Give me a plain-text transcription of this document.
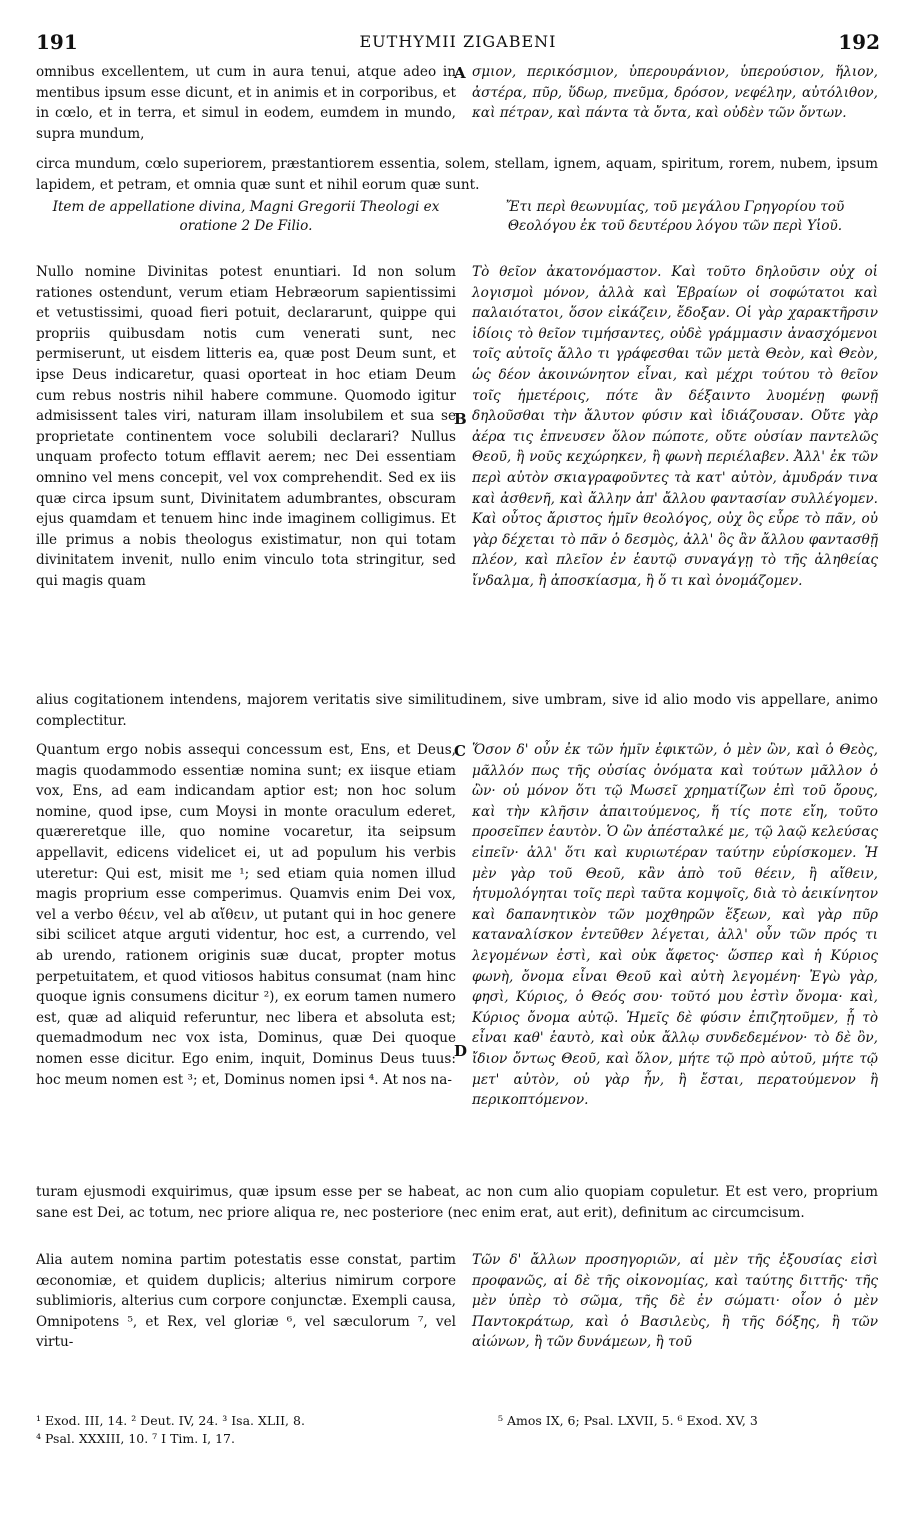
191	EUTHYMII ZIGABENI	192
omnibus excellentem, ut cum in aura tenui, atque adeo in mentibus ipsum esse dicunt, et in animis et in corporibus, et in cœlo, et in terra, et simul in eodem, eumdem in mundo, supra mundum,
σμιον, περικόσμιον, ὑπερουράνιον, ὑπερούσιον, ἥλιον, ἀστέρα, πῦρ, ὕδωρ, πνεῦμα, δρόσον, νεφέλην, αὐτόλιθον, καὶ πέτραν, καὶ πάντα τὰ ὄντα, καὶ οὐδὲν τῶν ὄντων.
A
circa mundum, cœlo superiorem, præstantiorem essentia, solem, stellam, ignem, aquam, spiritum, rorem, nubem, ipsum lapidem, et petram, et omnia quæ sunt et nihil eorum quæ sunt.
Item de appellatione divina, Magni Gregorii Theologi ex oratione 2 De Filio.
Ἔτι περὶ θεωνυμίας, τοῦ μεγάλου Γρηγορίου τοῦ Θεολόγου ἐκ τοῦ δευτέρου λόγου τῶν περὶ Υἱοῦ.
Nullo nomine Divinitas potest enuntiari. Id non solum rationes ostendunt, verum etiam Hebræorum sapientissimi et vetustissimi, quoad fieri potuit, declararunt, quippe qui propriis quibusdam notis cum venerati sunt, nec permiserunt, ut eisdem litteris ea, quæ post Deum sunt, et ipse Deus indicaretur, quasi oporteat in hoc etiam Deum cum rebus nostris nihil habere commune. Quomodo igitur admisissent tales viri, naturam illam insolubilem et sua se proprietate continentem voce solubili declarari? Nullus unquam profecto totum efflavit aerem; nec Dei essentiam omnino vel mens concepit, vel vox comprehendit. Sed ex iis quæ circa ipsum sunt, Divinitatem adumbrantes, obscuram ejus quamdam et tenuem hinc inde imaginem colligimus. Et ille primus a nobis theologus existimatur, non qui totam divinitatem invenit, nullo enim vinculo tota stringitur, sed qui magis quam
Τὸ θεῖον ἀκατονόμαστον. Καὶ τοῦτο δηλοῦσιν οὐχ οἱ λογισμοὶ μόνον, ἀλλὰ καὶ Ἑβραίων οἱ σοφώτατοι καὶ παλαιότατοι, ὅσον εἰκάζειν, ἔδοξαν. Οἱ γὰρ χαρακτῆρσιν ἰδίοις τὸ θεῖον τιμήσαντες, οὐδὲ γράμμασιν ἀνασχόμενοι τοῖς αὐτοῖς ἄλλο τι γράφεσθαι τῶν μετὰ Θεὸν, καὶ Θεὸν, ὡς δέον ἀκοινώνητον εἶναι, καὶ μέχρι τούτου τὸ θεῖον τοῖς ἡμετέροις, πότε ἂν δέξαιντο λυομένῃ φωνῇ δηλοῦσθαι τὴν ἄλυτον φύσιν καὶ ἰδιάζουσαν. Οὔτε γὰρ ἀέρα τις ἐπνευσεν ὅλον πώποτε, οὔτε οὐσίαν παντελῶς Θεοῦ, ἢ νοῦς κεχώρηκεν, ἢ φωνὴ περιέλαβεν. Ἀλλ' ἐκ τῶν περὶ αὐτὸν σκιαγραφοῦντες τὰ κατ' αὐτὸν, ἀμυδράν τινα καὶ ἀσθενῆ, καὶ ἄλλην ἀπ' ἄλλου φαντασίαν συλλέγομεν. Καὶ οὗτος ἄριστος ἡμῖν θεολόγος, οὐχ ὃς εὗρε τὸ πᾶν, οὐ γὰρ δέχεται τὸ πᾶν ὁ δεσμὸς, ἀλλ' ὃς ἂν ἄλλου φαντασθῇ πλέον, καὶ πλεῖον ἐν ἑαυτῷ συναγάγῃ τὸ τῆς ἀληθείας ἴνδαλμα, ἢ ἀποσκίασμα, ἢ ὅ τι καὶ ὀνομάζομεν.
B
alius cogitationem intendens, majorem veritatis sive similitudinem, sive umbram, sive id alio modo vis appellare, animo complectitur.
Quantum ergo nobis assequi concessum est, Ens, et Deus, magis quodammodo essentiæ nomina sunt; ex iisque etiam vox, Ens, ad eam indicandam aptior est; non hoc solum nomine, quod ipse, cum Moysi in monte oraculum ederet, quæreretque ille, quo nomine vocaretur, ita seipsum appellavit, edicens videlicet ei, ut ad populum his verbis uteretur: Qui est, misit me ¹; sed etiam quia nomen illud magis proprium esse comperimus. Quamvis enim Dei vox, vel a verbo θέειν, vel ab αἴθειν, ut putant qui in hoc genere sibi scilicet atque arguti videntur, hoc est, a currendo, vel ab urendo, rationem originis suæ ducat, propter motus perpetuitatem, et quod vitiosos habitus consumat (nam hinc quoque ignis consumens dicitur ²), ex eorum tamen numero est, quæ ad aliquid referuntur, nec libera et absoluta est; quemadmodum nec vox ista, Dominus, quæ Dei quoque nomen esse dicitur. Ego enim, inquit, Dominus Deus tuus: hoc meum nomen est ³; et, Dominus nomen ipsi ⁴. At nos na-
Ὅσον δ' οὖν ἐκ τῶν ἡμῖν ἐφικτῶν, ὁ μὲν ὢν, καὶ ὁ Θεὸς, μᾶλλόν πως τῆς οὐσίας ὀνόματα καὶ τούτων μᾶλλον ὁ ὢν· οὐ μόνον ὅτι τῷ Μωσεῖ χρηματίζων ἐπὶ τοῦ ὄρους, καὶ τὴν κλῆσιν ἀπαιτούμενος, ἥ τίς ποτε εἴη, τοῦτο προσεῖπεν ἑαυτὸν. Ὁ ὢν ἀπέσταλκέ με, τῷ λαῷ κελεύσας εἰπεῖν· ἀλλ' ὅτι καὶ κυριωτέραν ταύτην εὑρίσκομεν. Ἡ μὲν γὰρ τοῦ Θεοῦ, κἂν ἀπὸ τοῦ θέειν, ἢ αἴθειν, ἡτυμολόγηται τοῖς περὶ ταῦτα κομψοῖς, διὰ τὸ ἀεικίνητον καὶ δαπανητικὸν τῶν μοχθηρῶν ἕξεων, καὶ γὰρ πῦρ καταναλίσκον ἐντεῦθεν λέγεται, ἀλλ' οὖν τῶν πρός τι λεγομένων ἐστὶ, καὶ οὐκ ἄφετος· ὥσπερ καὶ ἡ Κύριος φωνὴ, ὄνομα εἶναι Θεοῦ καὶ αὐτὴ λεγομένη· Ἐγὼ γὰρ, φησὶ, Κύριος, ὁ Θεός σου· τοῦτό μου ἐστὶν ὄνομα· καὶ, Κύριος ὄνομα αὐτῷ. Ἡμεῖς δὲ φύσιν ἐπιζητοῦμεν, ᾗ τὸ εἶναι καθ' ἑαυτὸ, καὶ οὐκ ἄλλῳ συνδεδεμένον· τὸ δὲ ὂν, ἴδιον ὄντως Θεοῦ, καὶ ὅλον, μήτε τῷ πρὸ αὐτοῦ, μήτε τῷ μετ' αὐτὸν, οὐ γὰρ ἦν, ἢ ἔσται, περατούμενον ἢ περικοπτόμενον.
C
D
turam ejusmodi exquirimus, quæ ipsum esse per se habeat, ac non cum alio quopiam copuletur. Et est vero, proprium sane est Dei, ac totum, nec priore aliqua re, nec posteriore (nec enim erat, aut erit), definitum ac circumcisum.
Alia autem nomina partim potestatis esse constat, partim œconomiæ, et quidem duplicis; alterius nimirum corpore sublimioris, alterius cum corpore conjunctæ. Exempli causa, Omnipotens ⁵, et Rex, vel gloriæ ⁶, vel sæculorum ⁷, vel virtu-
Τῶν δ' ἄλλων προσηγοριῶν, αἱ μὲν τῆς ἐξουσίας εἰσὶ προφανῶς, αἱ δὲ τῆς οἰκονομίας, καὶ ταύτης διττῆς· τῆς μὲν ὑπὲρ τὸ σῶμα, τῆς δὲ ἐν σώματι· οἷον ὁ μὲν Παντοκράτωρ, καὶ ὁ Βασιλεὺς, ἢ τῆς δόξης, ἢ τῶν αἰώνων, ἢ τῶν δυνάμεων, ἢ τοῦ
¹ Exod. III, 14. ² Deut. IV, 24. ³ Isa. XLII, 8.
⁴ Psal. XXXIII, 10. ⁷ I Tim. I, 17.
⁵ Amos IX, 6; Psal. LXVII, 5. ⁶ Exod. XV, 3
